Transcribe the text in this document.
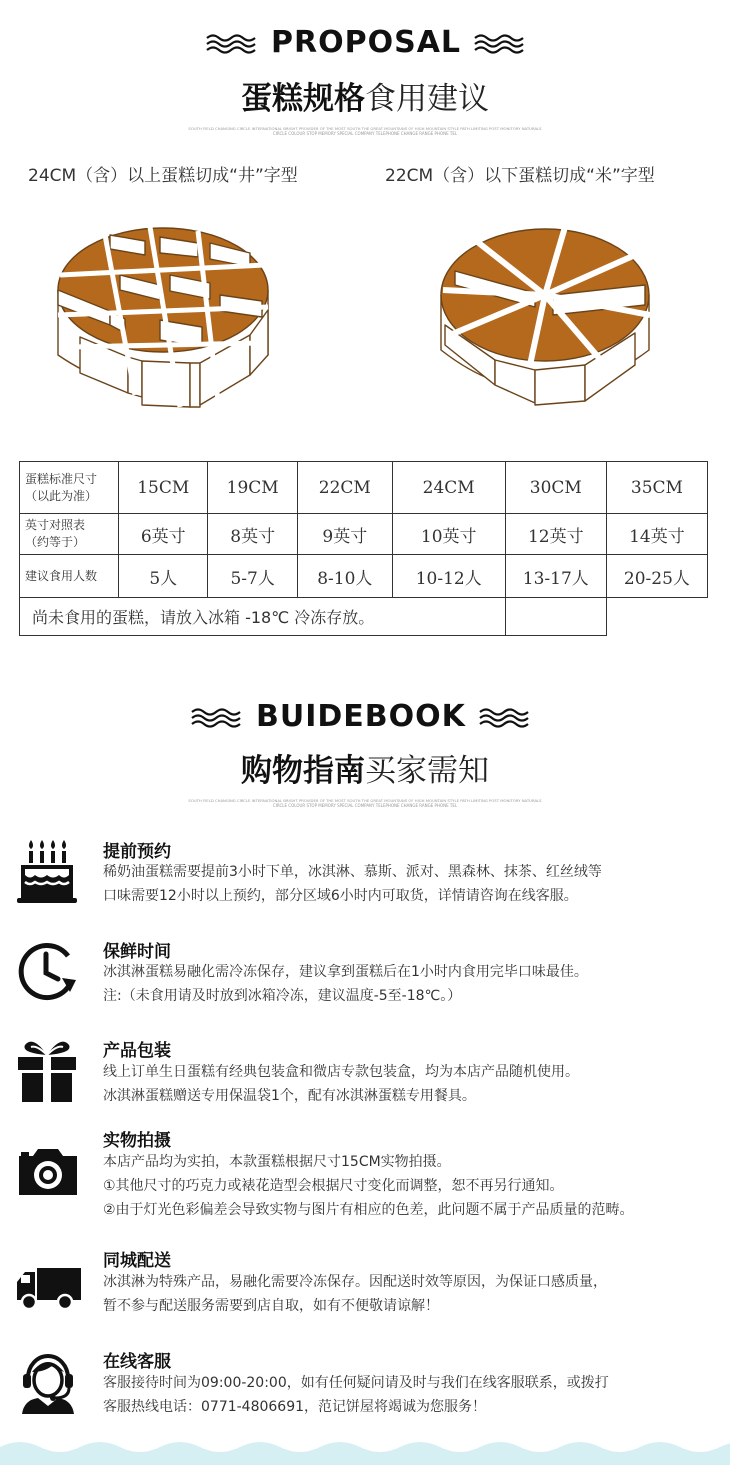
PROPOSAL
蛋糕规格食用建议
SOUTH FIELD CHANGING CIRCLE INTERNATIONAL BRIGHT PROVIDER OF THE MOST SOUTH THE GREAT MOUNTAINS OF HIGH MOUNTAIN STYLE PATH LIMITING POST MONITORY NATURALS
CIRCLE COLOUR STOP MEMORY SPECIAL COMPANY TELEPHONE CHANGE RANGE PHONE TEL
24CM（含）以上蛋糕切成“井”字型	22CM（含）以下蛋糕切成“米”字型
蛋糕标准尺寸
（以此为准）	15CM	19CM	22CM	24CM	30CM	35CM
英寸对照表
（约等于）	6英寸	8英寸	9英寸	10英寸	12英寸	14英寸
建议食用人数	5人	5-7人	8-10人	10-12人	13-17人	20-25人
尚未食用的蛋糕，请放入冰箱 -18℃ 冷冻存放。						
BUIDEBOOK
购物指南买家需知
SOUTH FIELD CHANGING CIRCLE INTERNATIONAL BRIGHT PROVIDER OF THE MOST SOUTH THE GREAT MOUNTAINS OF HIGH MOUNTAIN STYLE PATH LIMITING POST MONITORY NATURALS
CIRCLE COLOUR STOP MEMORY SPECIAL COMPANY TELEPHONE CHANGE RANGE PHONE TEL
提前预约
稀奶油蛋糕需要提前3小时下单，冰淇淋、慕斯、派对、黑森林、抹茶、红丝绒等
口味需要12小时以上预约，部分区域6小时内可取货，详情请咨询在线客服。
保鲜时间
冰淇淋蛋糕易融化需冷冻保存，建议拿到蛋糕后在1小时内食用完毕口味最佳。
注:（未食用请及时放到冰箱冷冻，建议温度-5至-18℃。）
产品包装
线上订单生日蛋糕有经典包装盒和微店专款包装盒，均为本店产品随机使用。
冰淇淋蛋糕赠送专用保温袋1个，配有冰淇淋蛋糕专用餐具。
实物拍摄
本店产品均为实拍，本款蛋糕根据尺寸15CM实物拍摄。
①其他尺寸的巧克力或裱花造型会根据尺寸变化而调整，恕不再另行通知。
②由于灯光色彩偏差会导致实物与图片有相应的色差，此问题不属于产品质量的范畴。
同城配送
冰淇淋为特殊产品，易融化需要冷冻保存。因配送时效等原因，为保证口感质量，
暂不参与配送服务需要到店自取，如有不便敬请谅解！
在线客服
客服接待时间为09:00-20:00，如有任何疑问请及时与我们在线客服联系，或拨打
客服热线电话：0771-4806691，范记饼屋将竭诚为您服务！
